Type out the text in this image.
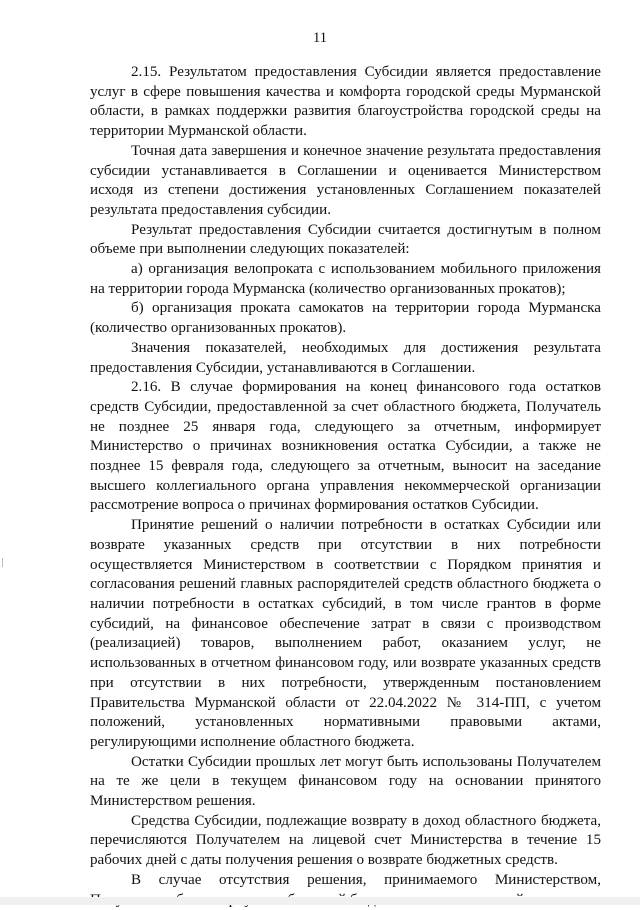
11

2.15. Результатом предоставления Субсидии является предоставление услуг в сфере повышения качества и комфорта городской среды Мурманской области, в рамках поддержки развития благоустройства городской среды на территории Мурманской области.

Точная дата завершения и конечное значение результата предоставления субсидии устанавливается в Соглашении и оценивается Министерством исходя из степени достижения установленных Соглашением показателей результата предоставления субсидии.

Результат предоставления Субсидии считается достигнутым в полном объеме при выполнении следующих показателей:

а) организация велопроката с использованием мобильного приложения на территории города Мурманска (количество организованных прокатов);

б) организация проката самокатов на территории города Мурманска (количество организованных прокатов).

Значения показателей, необходимых для достижения результата предоставления Субсидии, устанавливаются в Соглашении.

2.16. В случае формирования на конец финансового года остатков средств Субсидии, предоставленной за счет областного бюджета, Получатель не позднее 25 января года, следующего за отчетным, информирует Министерство о причинах возникновения остатка Субсидии, а также не позднее 15 февраля года, следующего за отчетным, выносит на заседание высшего коллегиального органа управления некоммерческой организации рассмотрение вопроса о причинах формирования остатков Субсидии.

Принятие решений о наличии потребности в остатках Субсидии или возврате указанных средств при отсутствии в них потребности осуществляется Министерством в соответствии с Порядком принятия и согласования решений главных распорядителей средств областного бюджета о наличии потребности в остатках субсидий, в том числе грантов в форме субсидий, на финансовое обеспечение затрат в связи с производством (реализацией) товаров, выполнением работ, оказанием услуг, не использованных в отчетном финансовом году, или возврате указанных средств при отсутствии в них потребности, утвержденным постановлением Правительства Мурманской области от 22.04.2022 № 314-ПП, с учетом положений, установленных нормативными правовыми актами, регулирующими исполнение областного бюджета.

Остатки Субсидии прошлых лет могут быть использованы Получателем на те же цели в текущем финансовом году на основании принятого Министерством решения.

Средства Субсидии, подлежащие возврату в доход областного бюджета, перечисляются Получателем на лицевой счет Министерства в течение 15 рабочих дней с даты получения решения о возврате бюджетных средств.

В случае отсутствия решения, принимаемого Министерством,
